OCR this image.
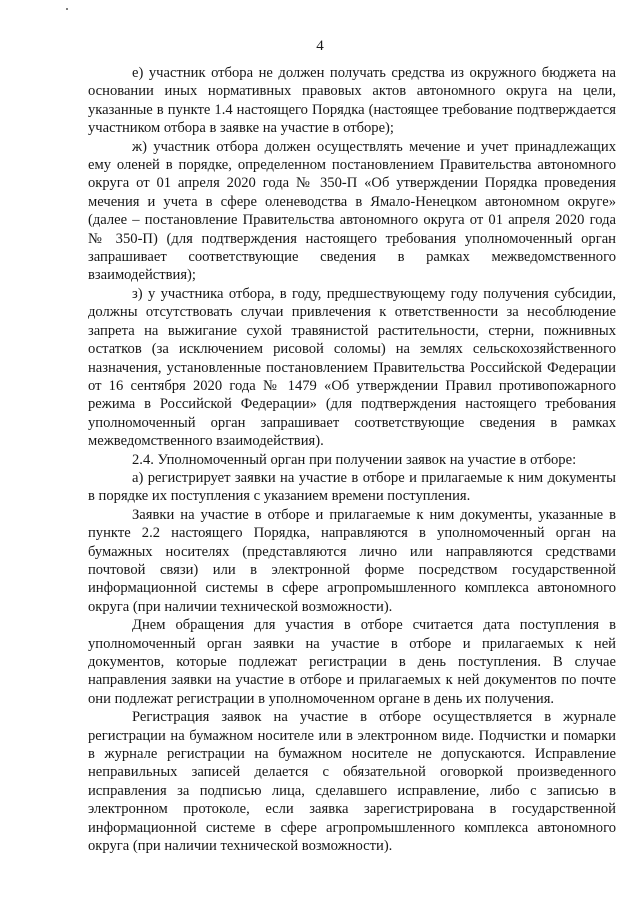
4

е) участник отбора не должен получать средства из окружного бюджета на основании иных нормативных правовых актов автономного округа на цели, указанные в пункте 1.4 настоящего Порядка (настоящее требование подтверждается участником отбора в заявке на участие в отборе);

ж) участник отбора должен осуществлять мечение и учет принадлежащих ему оленей в порядке, определенном постановлением Правительства автономного округа от 01 апреля 2020 года № 350-П «Об утверждении Порядка проведения мечения и учета в сфере оленеводства в Ямало-Ненецком автономном округе» (далее – постановление Правительства автономного округа от 01 апреля 2020 года № 350-П) (для подтверждения настоящего требования уполномоченный орган запрашивает соответствующие сведения в рамках межведомственного взаимодействия);

з) у участника отбора, в году, предшествующему году получения субсидии, должны отсутствовать случаи привлечения к ответственности за несоблюдение запрета на выжигание сухой травянистой растительности, стерни, пожнивных остатков (за исключением рисовой соломы) на землях сельскохозяйственного назначения, установленные постановлением Правительства Российской Федерации от 16 сентября 2020 года № 1479 «Об утверждении Правил противопожарного режима в Российской Федерации» (для подтверждения настоящего требования уполномоченный орган запрашивает соответствующие сведения в рамках межведомственного взаимодействия).

2.4. Уполномоченный орган при получении заявок на участие в отборе:

а) регистрирует заявки на участие в отборе и прилагаемые к ним документы в порядке их поступления с указанием времени поступления.

Заявки на участие в отборе и прилагаемые к ним документы, указанные в пункте 2.2 настоящего Порядка, направляются в уполномоченный орган на бумажных носителях (представляются лично или направляются средствами почтовой связи) или в электронной форме посредством государственной информационной системы в сфере агропромышленного комплекса автономного округа (при наличии технической возможности).

Днем обращения для участия в отборе считается дата поступления в уполномоченный орган заявки на участие в отборе и прилагаемых к ней документов, которые подлежат регистрации в день поступления. В случае направления заявки на участие в отборе и прилагаемых к ней документов по почте они подлежат регистрации в уполномоченном органе в день их получения.

Регистрация заявок на участие в отборе осуществляется в журнале регистрации на бумажном носителе или в электронном виде. Подчистки и помарки в журнале регистрации на бумажном носителе не допускаются. Исправление неправильных записей делается с обязательной оговоркой произведенного исправления за подписью лица, сделавшего исправление, либо с записью в электронном протоколе, если заявка зарегистрирована в государственной информационной системе в сфере агропромышленного комплекса автономного округа (при наличии технической возможности).
